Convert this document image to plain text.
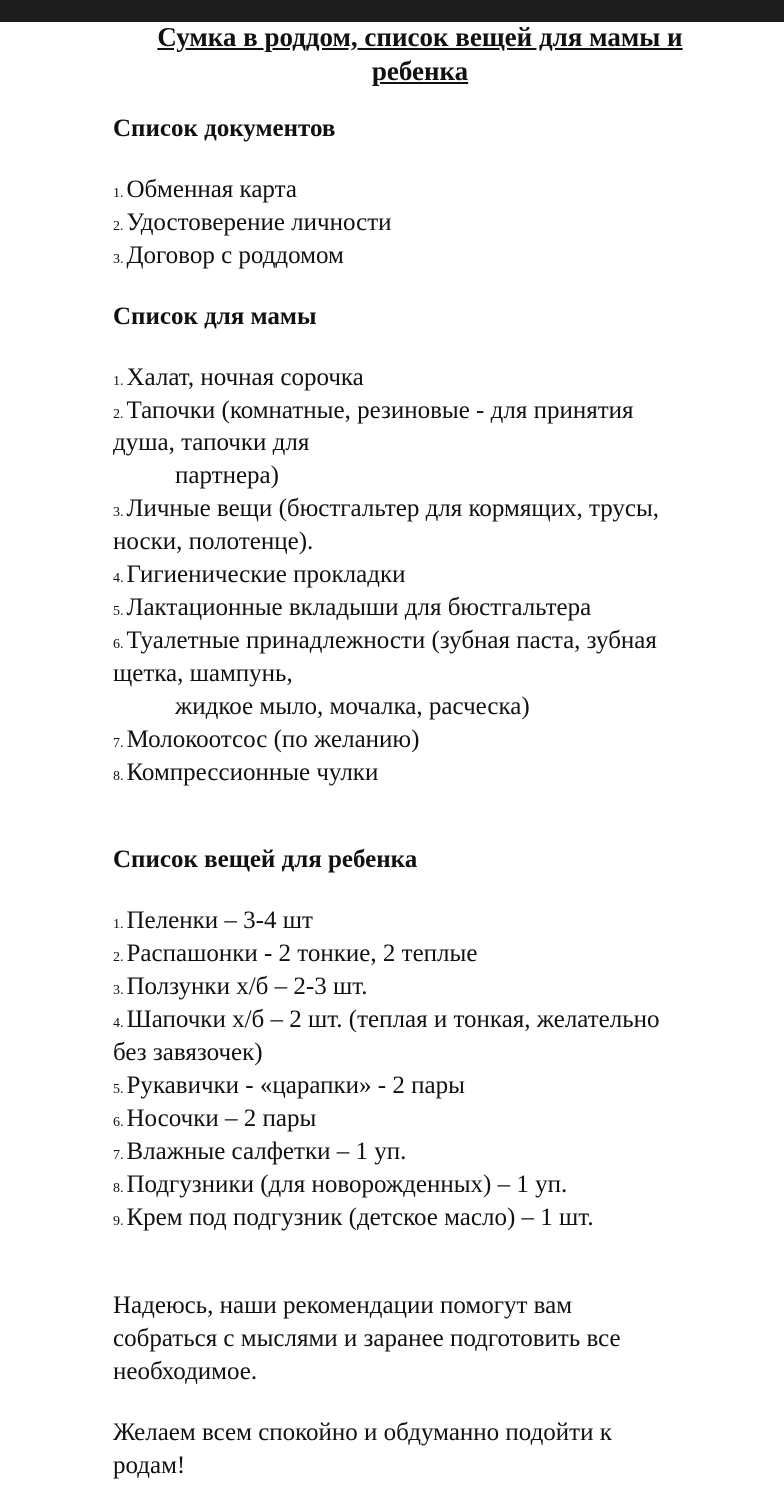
Сумка в роддом, список вещей для мамы и
ребенка
Список документов
1. Обменная карта
2. Удостоверение личности
3. Договор с роддомом
Список для мамы
1. Халат, ночная сорочка
2. Тапочки (комнатные, резиновые - для принятия
душа, тапочки для
партнера)
3. Личные вещи (бюстгальтер для кормящих, трусы,
носки, полотенце).
4. Гигиенические прокладки
5. Лактационные вкладыши для бюстгальтера
6. Туалетные принадлежности (зубная паста, зубная
щетка, шампунь,
жидкое мыло, мочалка, расческа)
7. Молокоотсос (по желанию)
8. Компрессионные чулки
Список вещей для ребенка
1. Пеленки – 3-4 шт
2. Распашонки - 2 тонкие, 2 теплые
3. Ползунки х/б – 2-3 шт.
4. Шапочки х/б – 2 шт. (теплая и тонкая, желательно
без завязочек)
5. Рукавички - «царапки» - 2 пары
6. Носочки – 2 пары
7. Влажные салфетки – 1 уп.
8. Подгузники (для новорожденных) – 1 уп.
9. Крем под подгузник (детское масло) – 1 шт.
Надеюсь, наши рекомендации помогут вам
собраться с мыслями и заранее подготовить все
необходимое.
Желаем всем спокойно и обдуманно подойти к
родам!
